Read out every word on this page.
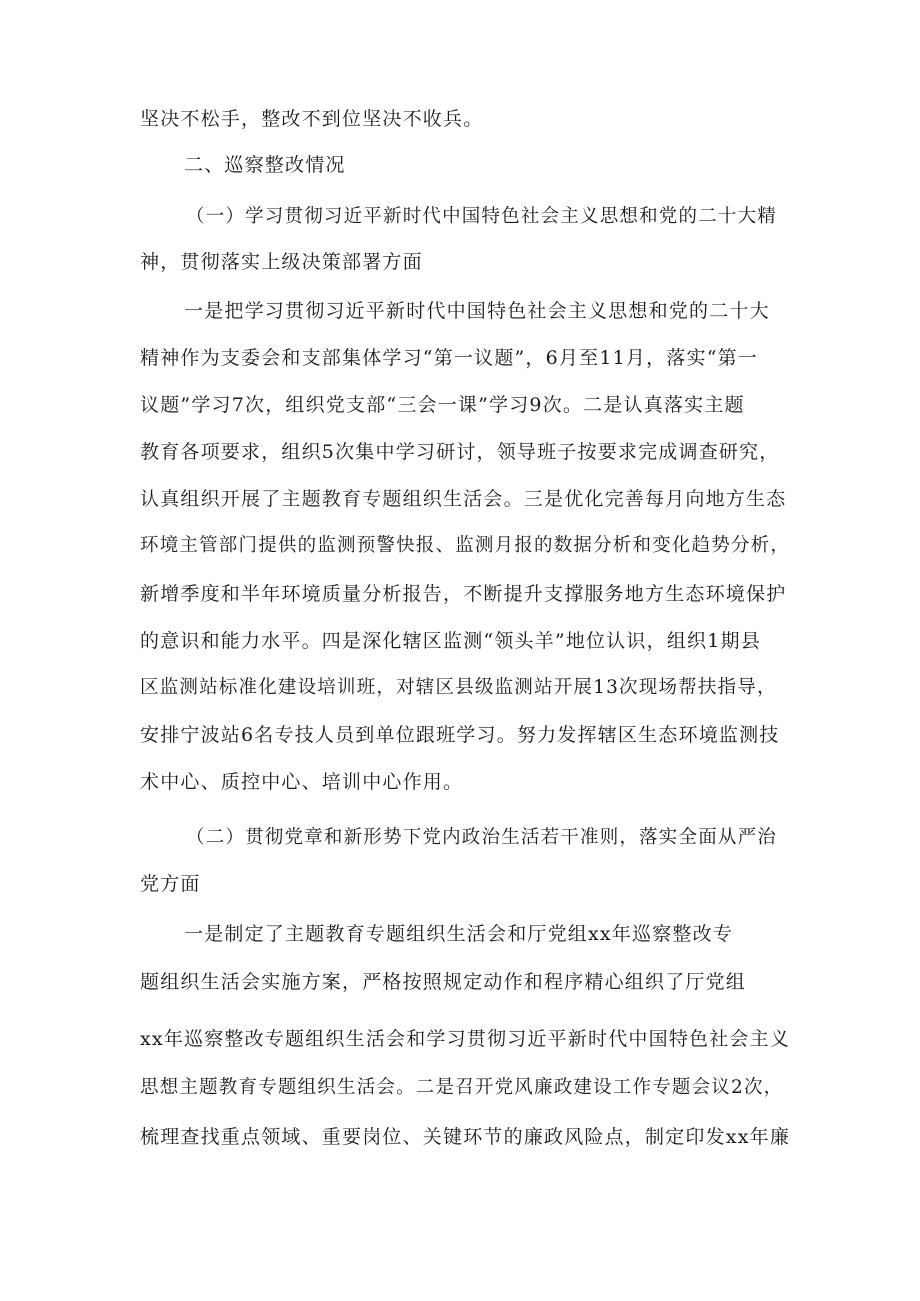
坚决不松手，整改不到位坚决不收兵。
二、巡察整改情况
（一）学习贯彻习近平新时代中国特色社会主义思想和党的二十大精
神，贯彻落实上级决策部署方面
一是把学习贯彻习近平新时代中国特色社会主义思想和党的二十大
精神作为支委会和支部集体学习“第一议题”，6月至11月，落实“第一
议题”学习7次，组织党支部“三会一课”学习9次。二是认真落实主题
教育各项要求，组织5次集中学习研讨，领导班子按要求完成调查研究，
认真组织开展了主题教育专题组织生活会。三是优化完善每月向地方生态
环境主管部门提供的监测预警快报、监测月报的数据分析和变化趋势分析，
新增季度和半年环境质量分析报告，不断提升支撑服务地方生态环境保护
的意识和能力水平。四是深化辖区监测“领头羊”地位认识，组织1期县
区监测站标准化建设培训班，对辖区县级监测站开展13次现场帮扶指导，
安排宁波站6名专技人员到单位跟班学习。努力发挥辖区生态环境监测技
术中心、质控中心、培训中心作用。
（二）贯彻党章和新形势下党内政治生活若干准则，落实全面从严治
党方面
一是制定了主题教育专题组织生活会和厅党组xx年巡察整改专
题组织生活会实施方案，严格按照规定动作和程序精心组织了厅党组
xx年巡察整改专题组织生活会和学习贯彻习近平新时代中国特色社会主义
思想主题教育专题组织生活会。二是召开党风廉政建设工作专题会议2次，
梳理查找重点领域、重要岗位、关键环节的廉政风险点，制定印发xx年廉
